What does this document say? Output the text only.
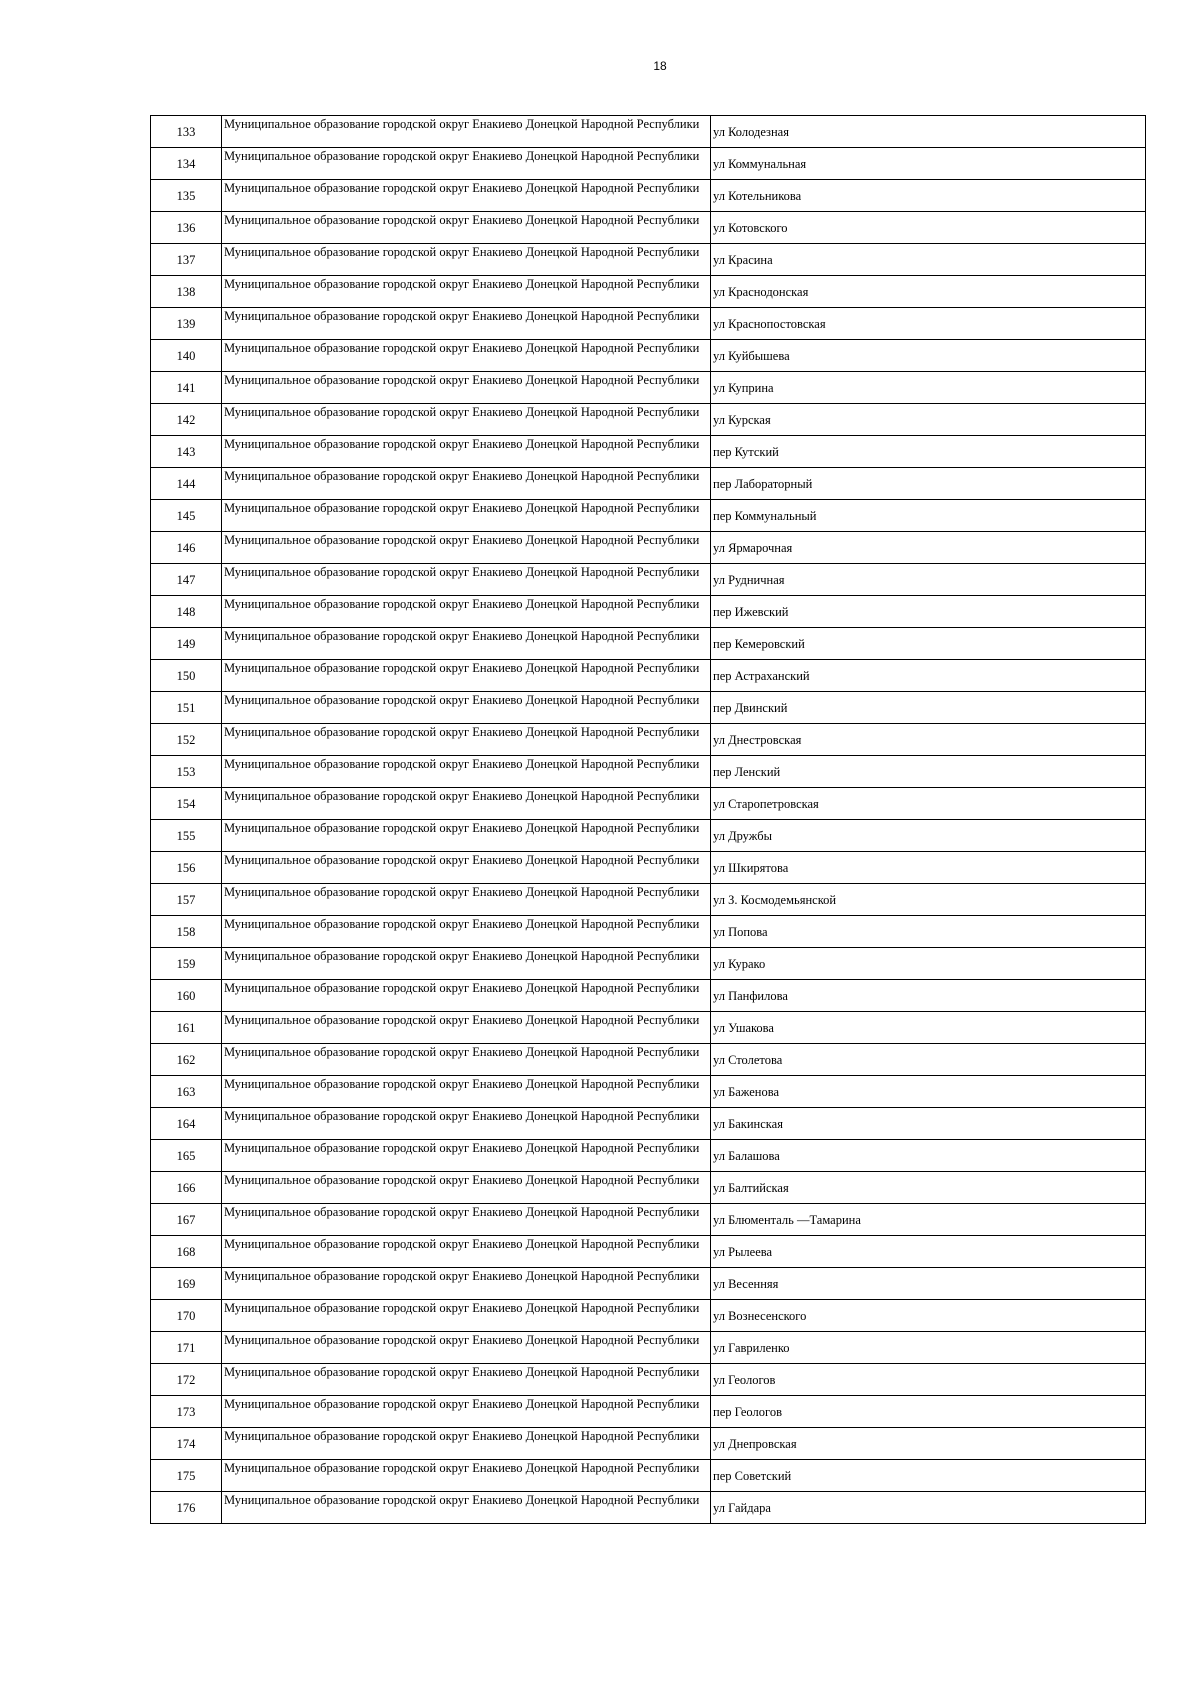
18
133	Муниципальное образование городской округ Енакиево Донецкой Народной Республики	ул Колодезная
134	Муниципальное образование городской округ Енакиево Донецкой Народной Республики	ул Коммунальная
135	Муниципальное образование городской округ Енакиево Донецкой Народной Республики	ул Котельникова
136	Муниципальное образование городской округ Енакиево Донецкой Народной Республики	ул Котовского
137	Муниципальное образование городской округ Енакиево Донецкой Народной Республики	ул Красина
138	Муниципальное образование городской округ Енакиево Донецкой Народной Республики	ул Краснодонская
139	Муниципальное образование городской округ Енакиево Донецкой Народной Республики	ул Краснопостовская
140	Муниципальное образование городской округ Енакиево Донецкой Народной Республики	ул Куйбышева
141	Муниципальное образование городской округ Енакиево Донецкой Народной Республики	ул Куприна
142	Муниципальное образование городской округ Енакиево Донецкой Народной Республики	ул Курская
143	Муниципальное образование городской округ Енакиево Донецкой Народной Республики	пер Кутский
144	Муниципальное образование городской округ Енакиево Донецкой Народной Республики	пер Лабораторный
145	Муниципальное образование городской округ Енакиево Донецкой Народной Республики	пер Коммунальный
146	Муниципальное образование городской округ Енакиево Донецкой Народной Республики	ул Ярмарочная
147	Муниципальное образование городской округ Енакиево Донецкой Народной Республики	ул Рудничная
148	Муниципальное образование городской округ Енакиево Донецкой Народной Республики	пер Ижевский
149	Муниципальное образование городской округ Енакиево Донецкой Народной Республики	пер Кемеровский
150	Муниципальное образование городской округ Енакиево Донецкой Народной Республики	пер Астраханский
151	Муниципальное образование городской округ Енакиево Донецкой Народной Республики	пер Двинский
152	Муниципальное образование городской округ Енакиево Донецкой Народной Республики	ул Днестровская
153	Муниципальное образование городской округ Енакиево Донецкой Народной Республики	пер Ленский
154	Муниципальное образование городской округ Енакиево Донецкой Народной Республики	ул Старопетровская
155	Муниципальное образование городской округ Енакиево Донецкой Народной Республики	ул Дружбы
156	Муниципальное образование городской округ Енакиево Донецкой Народной Республики	ул Шкирятова
157	Муниципальное образование городской округ Енакиево Донецкой Народной Республики	ул З. Космодемьянской
158	Муниципальное образование городской округ Енакиево Донецкой Народной Республики	ул Попова
159	Муниципальное образование городской округ Енакиево Донецкой Народной Республики	ул Курако
160	Муниципальное образование городской округ Енакиево Донецкой Народной Республики	ул Панфилова
161	Муниципальное образование городской округ Енакиево Донецкой Народной Республики	ул Ушакова
162	Муниципальное образование городской округ Енакиево Донецкой Народной Республики	ул Столетова
163	Муниципальное образование городской округ Енакиево Донецкой Народной Республики	ул Баженова
164	Муниципальное образование городской округ Енакиево Донецкой Народной Республики	ул Бакинская
165	Муниципальное образование городской округ Енакиево Донецкой Народной Республики	ул Балашова
166	Муниципальное образование городской округ Енакиево Донецкой Народной Республики	ул Балтийская
167	Муниципальное образование городской округ Енакиево Донецкой Народной Республики	ул Блюменталь —Тамарина
168	Муниципальное образование городской округ Енакиево Донецкой Народной Республики	ул Рылеева
169	Муниципальное образование городской округ Енакиево Донецкой Народной Республики	ул Весенняя
170	Муниципальное образование городской округ Енакиево Донецкой Народной Республики	ул Вознесенского
171	Муниципальное образование городской округ Енакиево Донецкой Народной Республики	ул Гавриленко
172	Муниципальное образование городской округ Енакиево Донецкой Народной Республики	ул Геологов
173	Муниципальное образование городской округ Енакиево Донецкой Народной Республики	пер Геологов
174	Муниципальное образование городской округ Енакиево Донецкой Народной Республики	ул Днепровская
175	Муниципальное образование городской округ Енакиево Донецкой Народной Республики	пер Советский
176	Муниципальное образование городской округ Енакиево Донецкой Народной Республики	ул Гайдара
